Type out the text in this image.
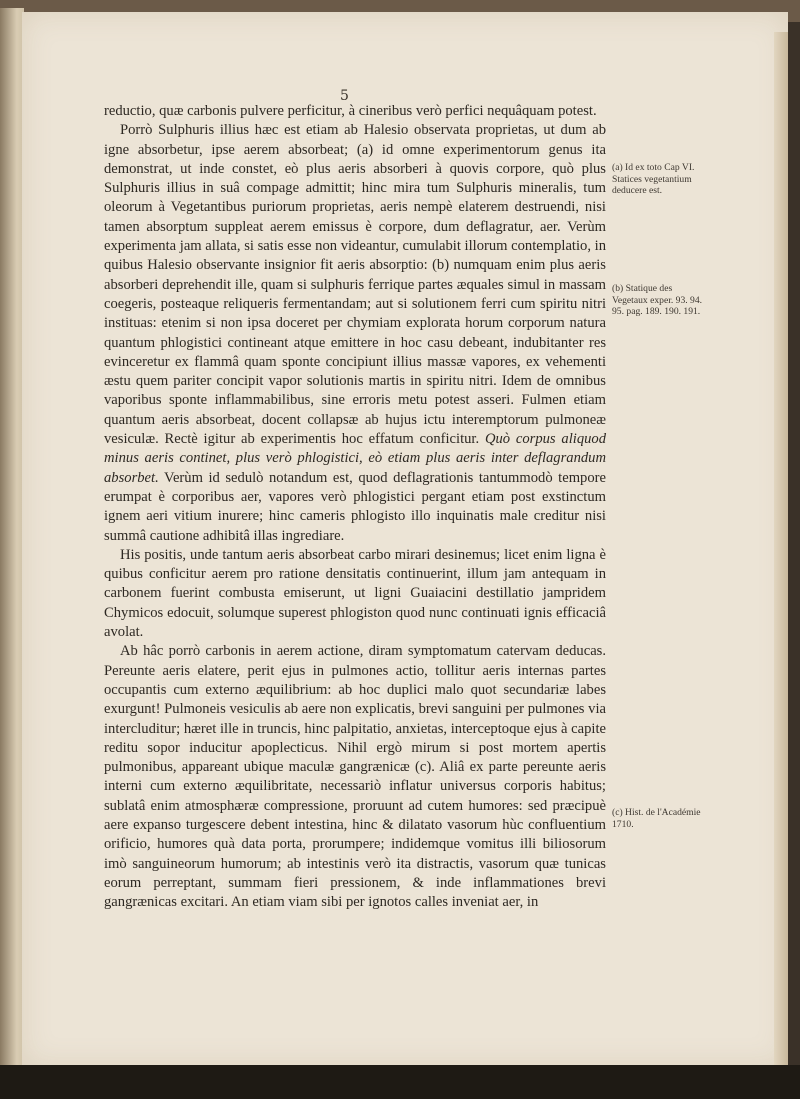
5

reductio, quæ carbonis pulvere perficitur, à cineribus verò perfici nequâquam potest.

Porrò Sulphuris illius hæc est etiam ab Halesio observata proprietas, ut dum ab igne absorbetur, ipse aerem absorbeat; (a) id omne experimentorum genus ita demonstrat, ut inde constet, eò plus aeris absorberi à quovis corpore, quò plus Sulphuris illius in suâ compage admittit; hinc mira tum Sulphuris mineralis, tum oleorum à Vegetantibus puriorum proprietas, aeris nempè elaterem destruendi, nisi tamen absorptum suppleat aerem emissus è corpore, dum deflagratur, aer. Verùm experimenta jam allata, si satis esse non videantur, cumulabit illorum contemplatio, in quibus Halesio observante insignior fit aeris absorptio: (b) numquam enim plus aeris absorberi deprehendit ille, quam si sulphuris ferrique partes æquales simul in massam coegeris, posteaque reliqueris fermentandam; aut si solutionem ferri cum spiritu nitri instituas: etenim si non ipsa doceret per chymiam explorata horum corporum natura quantum phlogistici contineant atque emittere in hoc casu debeant, indubitanter res evinceretur ex flammâ quam sponte concipiunt illius massæ vapores, ex vehementi æstu quem pariter concipit vapor solutionis martis in spiritu nitri. Idem de omnibus vaporibus sponte inflammabilibus, sine erroris metu potest asseri. Fulmen etiam quantum aeris absorbeat, docent collapsæ ab hujus ictu interemptorum pulmoneæ vesiculæ. Rectè igitur ab experimentis hoc effatum conficitur. Quò corpus aliquod minus aeris continet, plus verò phlogistici, eò etiam plus aeris inter deflagrandum absorbet. Verùm id sedulò notandum est, quod deflagrationis tantummodò tempore erumpat è corporibus aer, vapores verò phlogistici pergant etiam post exstinctum ignem aeri vitium inurere; hinc cameris phlogisto illo inquinatis male creditur nisi summâ cautione adhibitâ illas ingrediare.

His positis, unde tantum aeris absorbeat carbo mirari desinemus; licet enim ligna è quibus conficitur aerem pro ratione densitatis continuerint, illum jam antequam in carbonem fuerint combusta emiserunt, ut ligni Guaiacini destillatio jampridem Chymicos edocuit, solumque superest phlogiston quod nunc continuati ignis efficaciâ avolat.

Ab hâc porrò carbonis in aerem actione, diram symptomatum catervam deducas. Pereunte aeris elatere, perit ejus in pulmones actio, tollitur aeris internas partes occupantis cum externo æquilibrium: ab hoc duplici malo quot secundariæ labes exurgunt! Pulmoneis vesiculis ab aere non explicatis, brevi sanguini per pulmones via intercluditur; hæret ille in truncis, hinc palpitatio, anxietas, interceptoque ejus à capite reditu sopor inducitur apoplecticus. Nihil ergò mirum si post mortem apertis pulmonibus, appareant ubique maculæ gangrænicæ (c). Aliâ ex parte pereunte aeris interni cum externo æquilibritate, necessariò inflatur universus corporis habitus; sublatâ enim atmosphæræ compressione, proruunt ad cutem humores: sed præcipuè aere expanso turgescere debent intestina, hinc & dilatato vasorum hùc confluentium orificio, humores quà data porta, prorumpere; indidemque vomitus illi biliosorum imò sanguineorum humorum; ab intestinis verò ita distractis, vasorum quæ tunicas eorum perreptant, summam fieri pressionem, & inde inflammationes brevi gangrænicas excitari. An etiam viam sibi per ignotos calles inveniat aer, in

(a) Id ex toto Cap VI. Statices vegetantium deducere est.
(b) Statique des Vegetaux exper. 93. 94. 95. pag. 189. 190. 191.
(c) Hist. de l'Académie 1710.
